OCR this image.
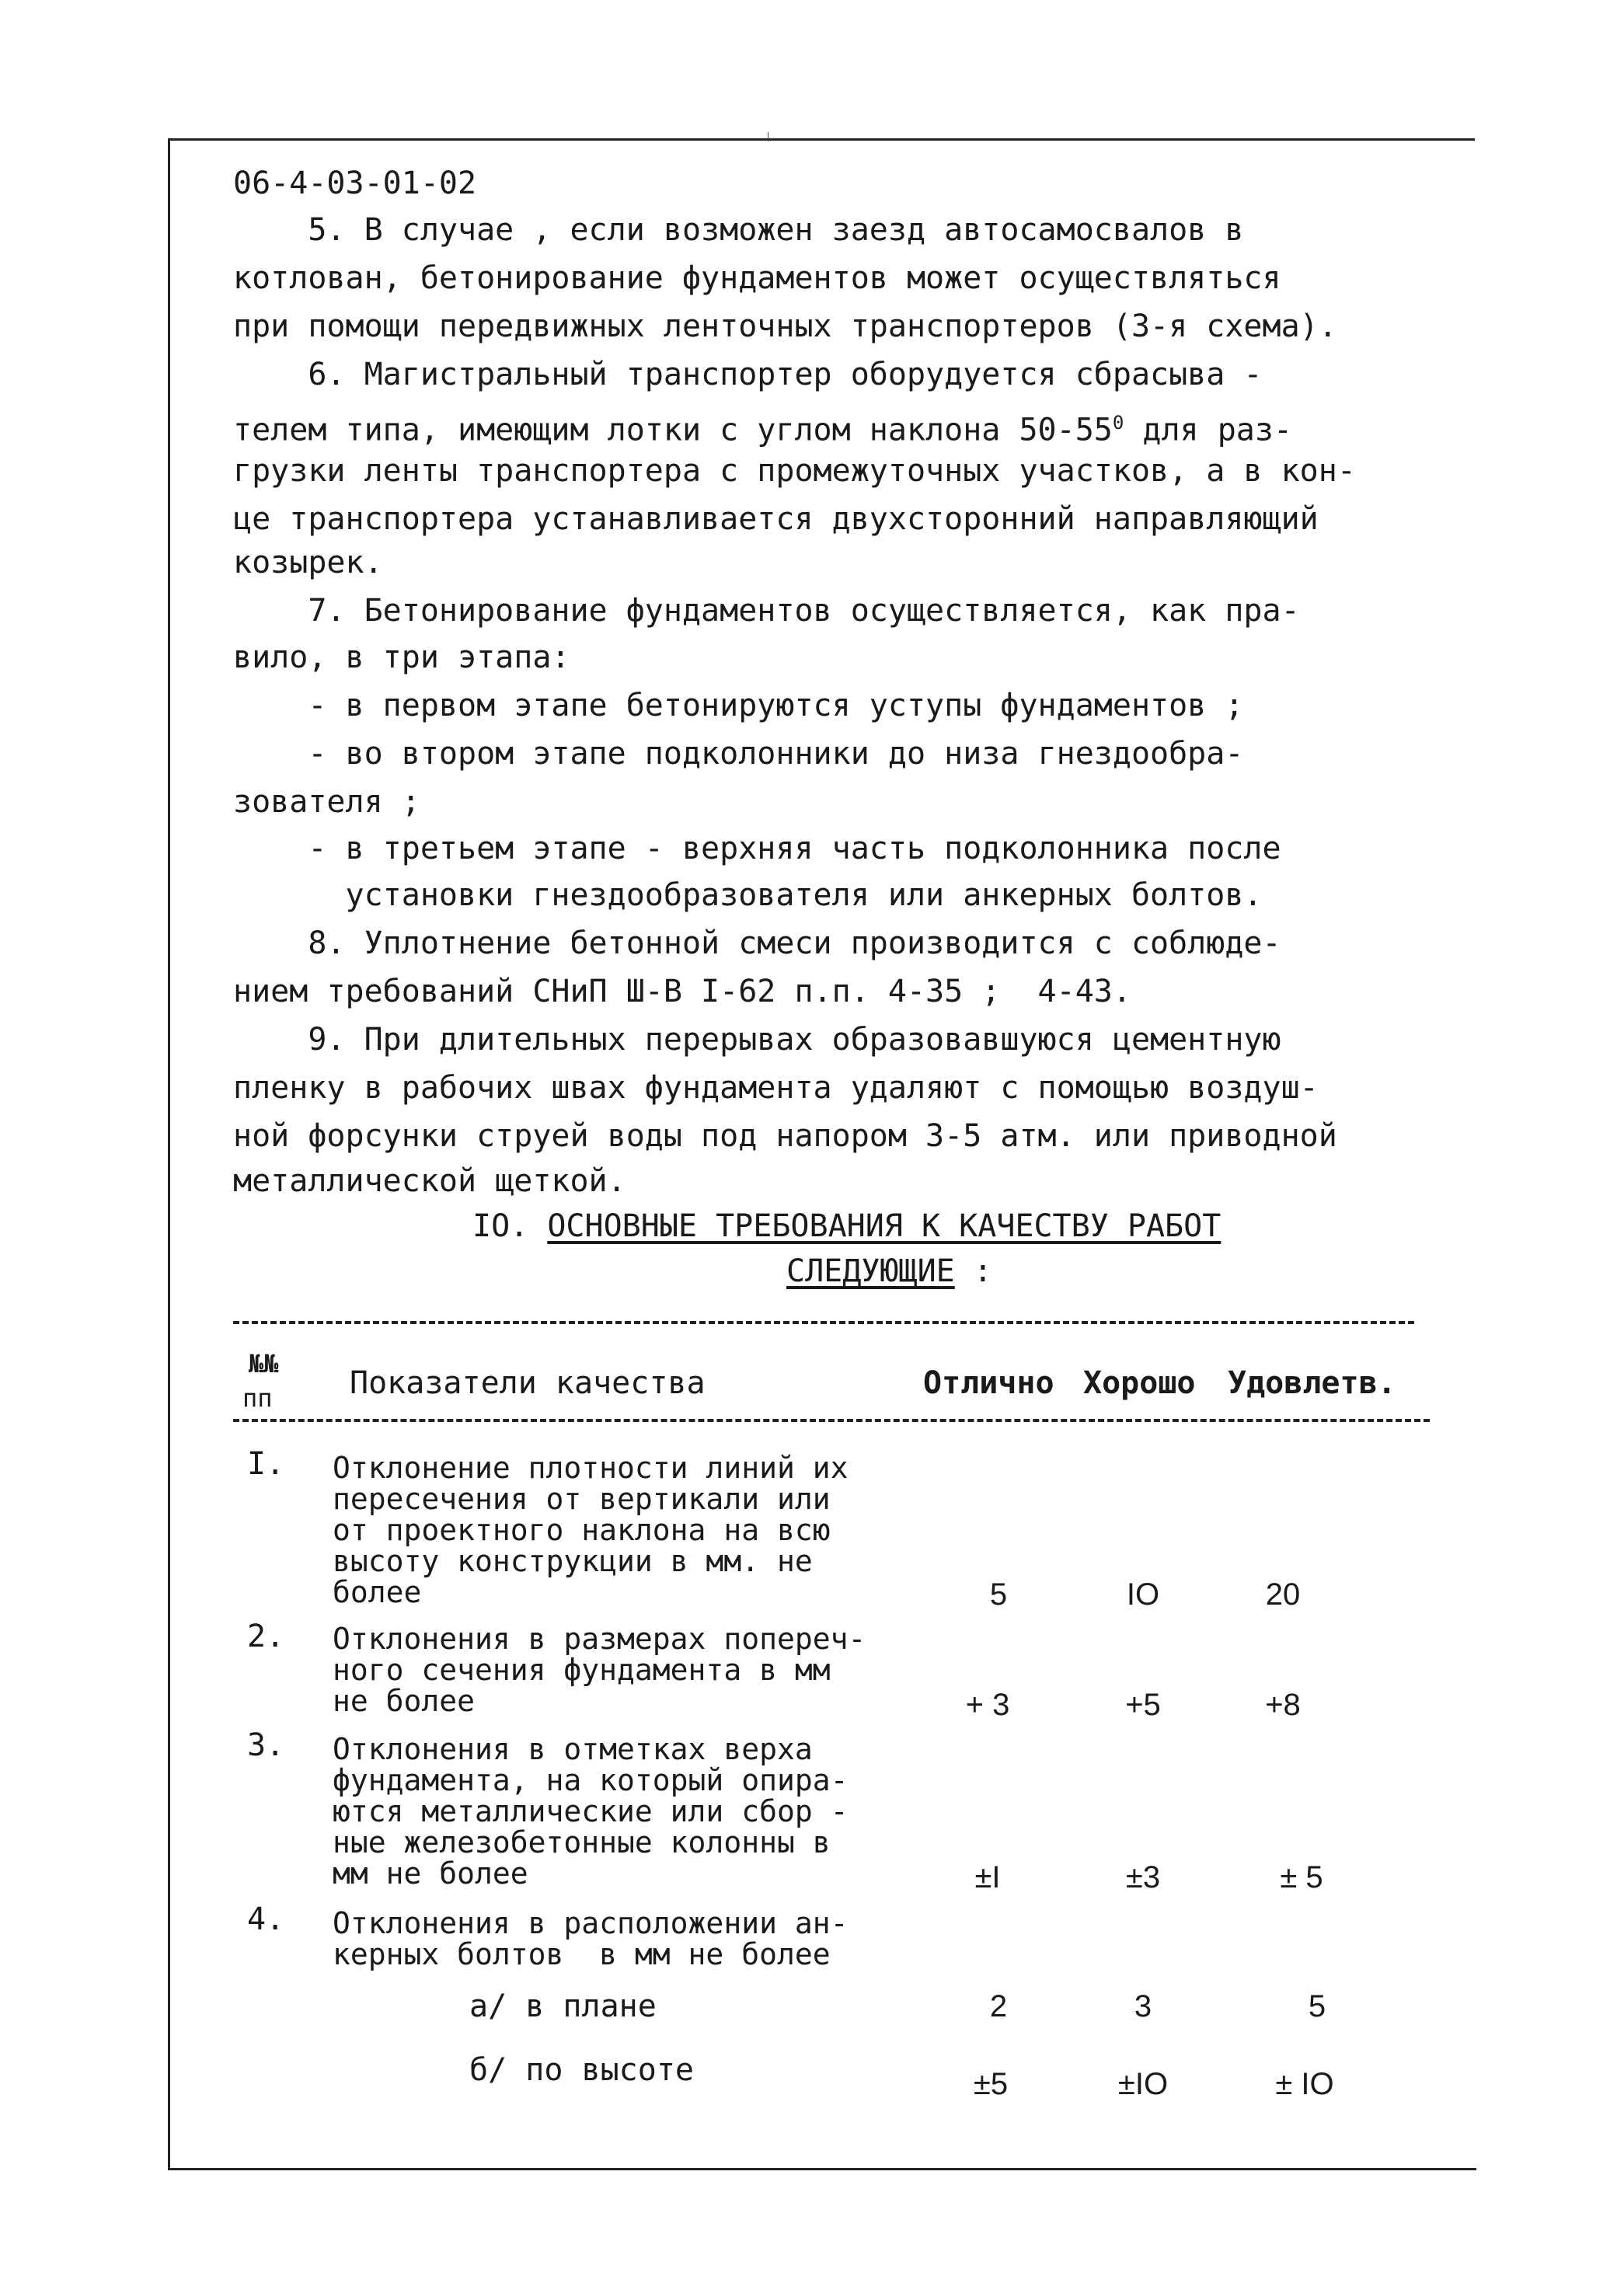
06-4-03-01-02
5. В случае , если возможен заезд автосамосвалов в
котлован, бетонирование фундаментов может осуществляться
при помощи передвижных ленточных транспортеров (3-я схема).
6. Магистральный транспортер оборудуется сбрасыва -
телем типа, имеющим лотки с углом наклона $50-55^0$ для раз-
грузки ленты транспортера с промежуточных участков, а в кон-
це транспортера устанавливается двухсторонний направляющий
козырек.
7. Бетонирование фундаментов осуществляется, как пра-
вило, в три этапа:
- в первом этапе бетонируются уступы фундаментов ;
- во втором этапе подколонники до низа гнездообра-
зователя ;
- в третьем этапе - верхняя часть подколонника после
установки гнездообразователя или анкерных болтов.
8. Уплотнение бетонной смеси производится с соблюде-
нием требований СНиП Ш-В I-62 п.п. 4-35 ;  4-43.
9. При длительных перерывах образовавшуюся цементную
пленку в рабочих швах фундамента удаляют с помощью воздуш-
ной форсунки струей воды под напором 3-5 атм. или приводной
металлической щеткой.
IO. ОСНОВНЫЕ ТРЕБОВАНИЯ К КАЧЕСТВУ РАБОТ
СЛЕДУЮЩИЕ :
№№
пп Показатели качества	Отлично Хорошо Удовлетв.
I. Отклонение плотности линий их
пересечения от вертикали или
от проектного наклона на всю
высоту конструкции в мм. не
более	5	IO	20
2. Отклонения в размерах попереч-
ного сечения фундамента в мм
не более	+ 3	+5	+8
3. Отклонения в отметках верха
фундамента, на который опира-
ются металлические или сбор -
ные железобетонные колонны в
мм не более	±I	±3	± 5
4. Отклонения в расположении ан-
керных болтов  в мм не более
а/ в плане	2	3	5
б/ по высоте	±5	±IO	± IO
